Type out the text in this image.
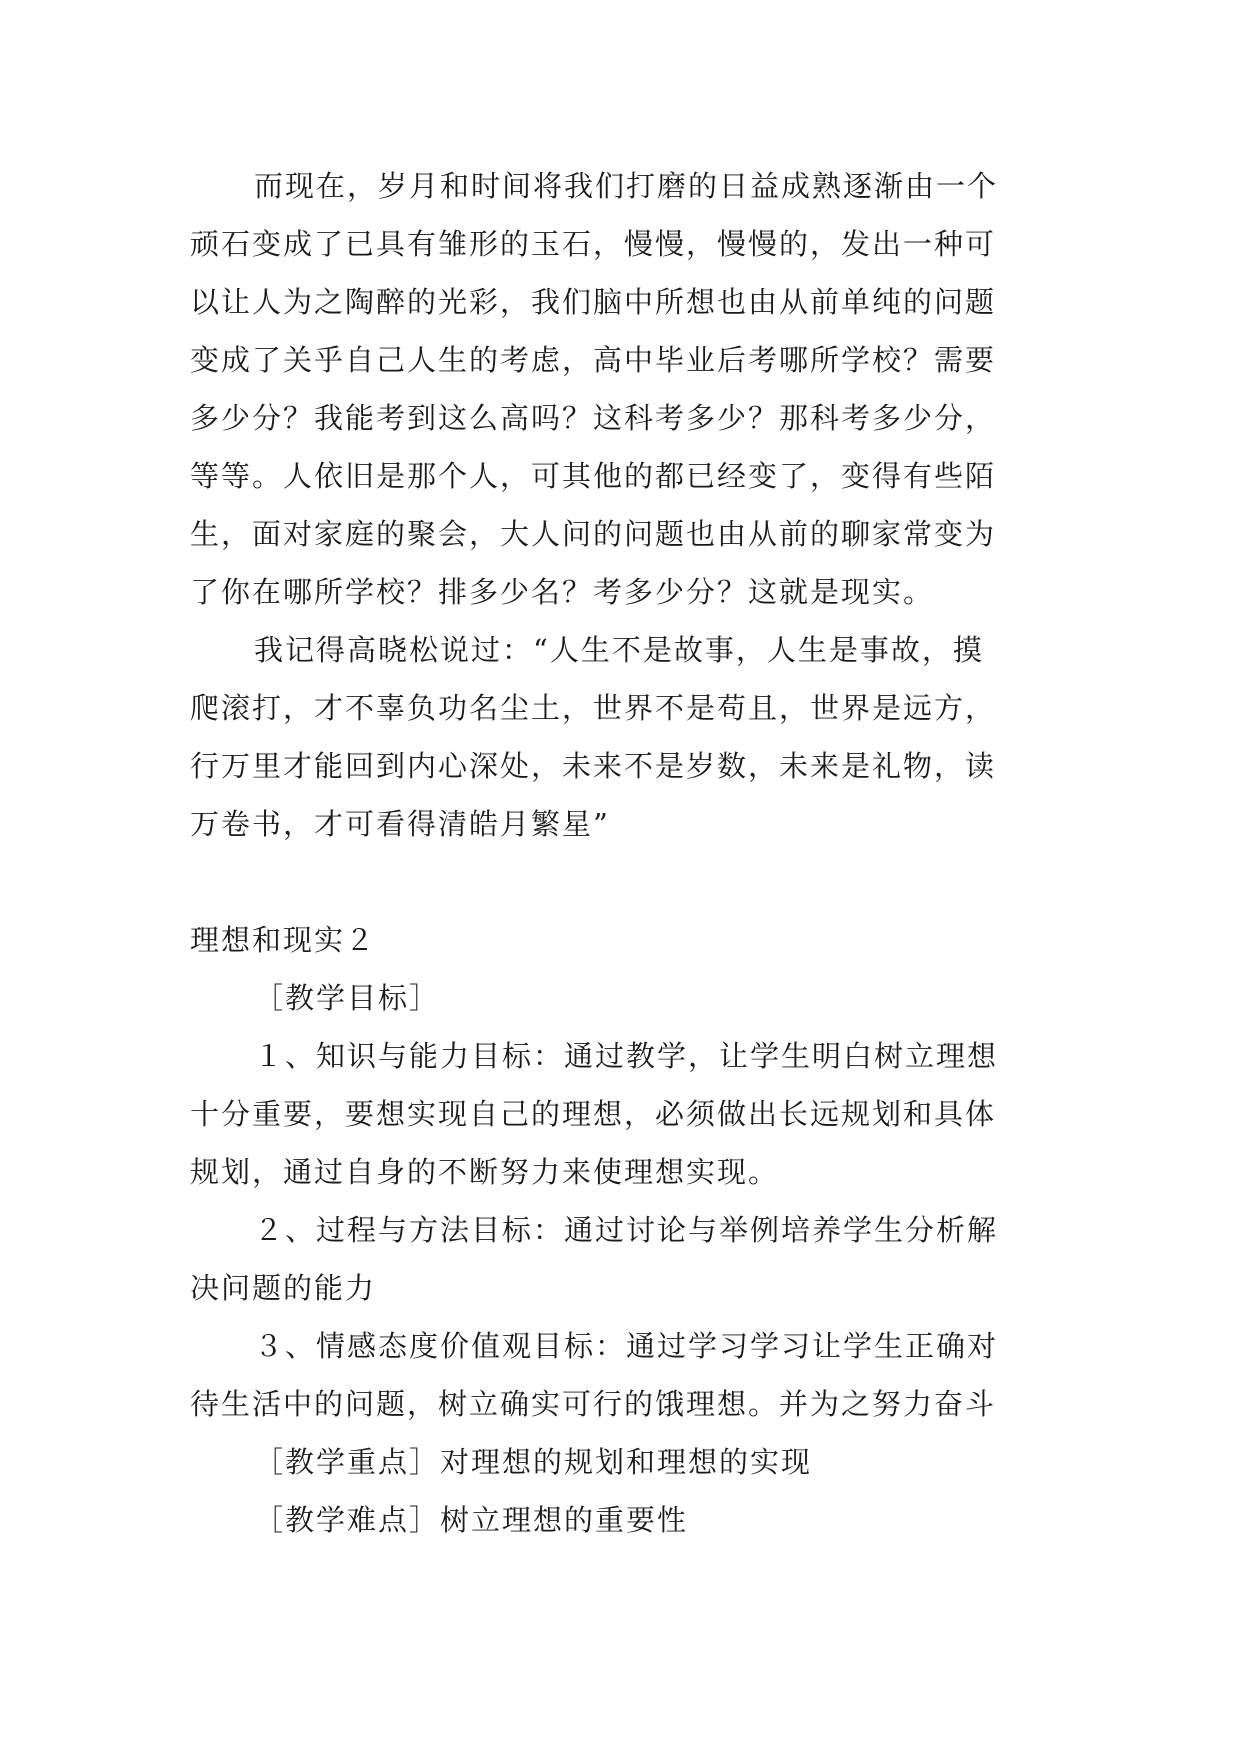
而现在，岁月和时间将我们打磨的日益成熟逐渐由一个
顽石变成了已具有雏形的玉石，慢慢，慢慢的，发出一种可
以让人为之陶醉的光彩，我们脑中所想也由从前单纯的问题
变成了关乎自己人生的考虑，高中毕业后考哪所学校？需要
多少分？我能考到这么高吗？这科考多少？那科考多少分，
等等。人依旧是那个人，可其他的都已经变了，变得有些陌
生，面对家庭的聚会，大人问的问题也由从前的聊家常变为
了你在哪所学校？排多少名？考多少分？这就是现实。
我记得高晓松说过：“人生不是故事，人生是事故，摸
爬滚打，才不辜负功名尘土，世界不是苟且，世界是远方，
行万里才能回到内心深处，未来不是岁数，未来是礼物，读
万卷书，才可看得清皓月繁星”
理想和现实２
［教学目标］
１、知识与能力目标：通过教学，让学生明白树立理想
十分重要，要想实现自己的理想，必须做出长远规划和具体
规划，通过自身的不断努力来使理想实现。
２、过程与方法目标：通过讨论与举例培养学生分析解
决问题的能力
３、情感态度价值观目标：通过学习学习让学生正确对
待生活中的问题，树立确实可行的饿理想。并为之努力奋斗
［教学重点］对理想的规划和理想的实现
［教学难点］树立理想的重要性
